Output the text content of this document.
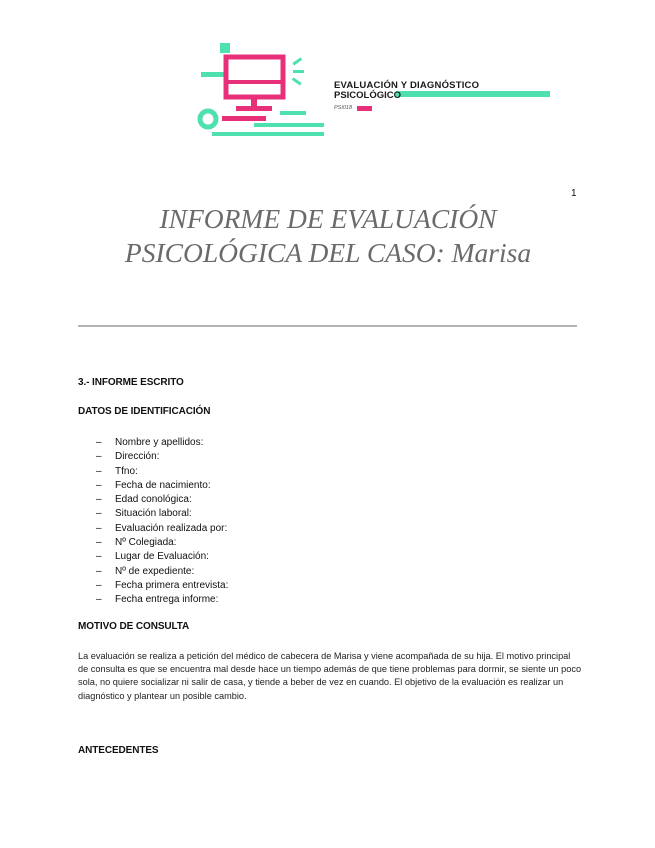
EVALUACIÓN Y DIAGNÓSTICO
PSICOLÓGICO
PSI018
1
INFORME DE EVALUACIÓN
PSICOLÓGICA DEL CASO: Marisa
3.- INFORME ESCRITO
DATOS DE IDENTIFICACIÓN
– Nombre y apellidos:
– Dirección:
– Tfno:
– Fecha de nacimiento:
– Edad conológica:
– Situación laboral:
– Evaluación realizada por:
– Nº Colegiada:
– Lugar de Evaluación:
– Nº de expediente:
– Fecha primera entrevista:
– Fecha entrega informe:
MOTIVO DE CONSULTA

La evaluación se realiza a petición del médico de cabecera de Marisa y viene acompañada de su hija. El motivo principal de consulta es que se encuentra mal desde hace un tiempo además de que tiene problemas para dormir, se siente un poco sola, no quiere socializar ni salir de casa, y tiende a beber de vez en cuando. El objetivo de la evaluación es realizar un diagnóstico y plantear un posible cambio.

ANTECEDENTES
